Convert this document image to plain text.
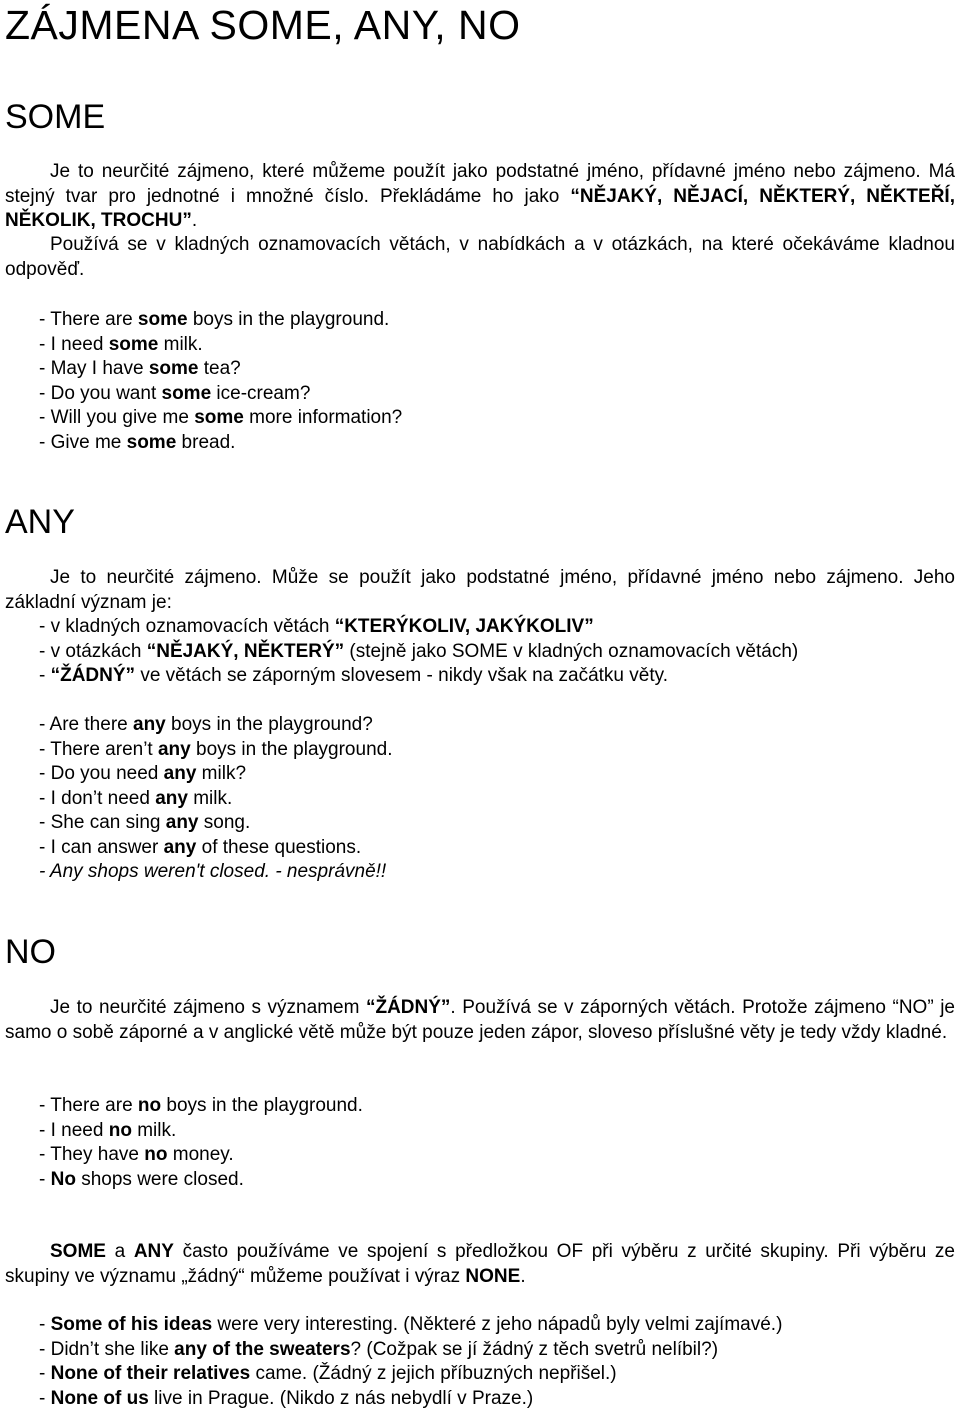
ZÁJMENA SOME, ANY, NO
SOME

Je to neurčité zájmeno, které můžeme použít jako podstatné jméno, přídavné jméno nebo zájmeno. Má stejný tvar pro jednotné i množné číslo. Překládáme ho jako “NĚJAKÝ, NĚJACÍ, NĚKTERÝ, NĚKTEŘÍ, NĚKOLIK, TROCHU”.

Používá se v kladných oznamovacích větách, v nabídkách a v otázkách, na které očekáváme kladnou odpověď.

- There are some boys in the playground.
- I need some milk.
- May I have some tea?
- Do you want some ice-cream?
- Will you give me some more information?
- Give me some bread.
ANY

Je to neurčité zájmeno. Může se použít jako podstatné jméno, přídavné jméno nebo zájmeno. Jeho základní význam je:

- v kladných oznamovacích větách “KTERÝKOLIV, JAKÝKOLIV”
- v otázkách “NĚJAKÝ, NĚKTERÝ” (stejně jako SOME v kladných oznamovacích větách)
- “ŽÁDNÝ” ve větách se záporným slovesem - nikdy však na začátku věty.
- Are there any boys in the playground?
- There aren’t any boys in the playground.
- Do you need any milk?
- I don’t need any milk.
- She can sing any song.
- I can answer any of these questions.
- Any shops weren't closed. - nesprávně!!
NO

Je to neurčité zájmeno s významem “ŽÁDNÝ”. Používá se v záporných větách. Protože zájmeno “NO” je samo o sobě záporné a v anglické větě může být pouze jeden zápor, sloveso příslušné věty je tedy vždy kladné.

- There are no boys in the playground.
- I need no milk.
- They have no money.
- No shops were closed.

SOME a ANY často používáme ve spojení s předložkou OF při výběru z určité skupiny. Při výběru ze skupiny ve významu „žádný“ můžeme používat i výraz NONE.

- Some of his ideas were very interesting. (Některé z jeho nápadů byly velmi zajímavé.)
- Didn’t she like any of the sweaters? (Cožpak se jí žádný z těch svetrů nelíbil?)
- None of their relatives came. (Žádný z jejich příbuzných nepřišel.)
- None of us live in Prague. (Nikdo z nás nebydlí v Praze.)
